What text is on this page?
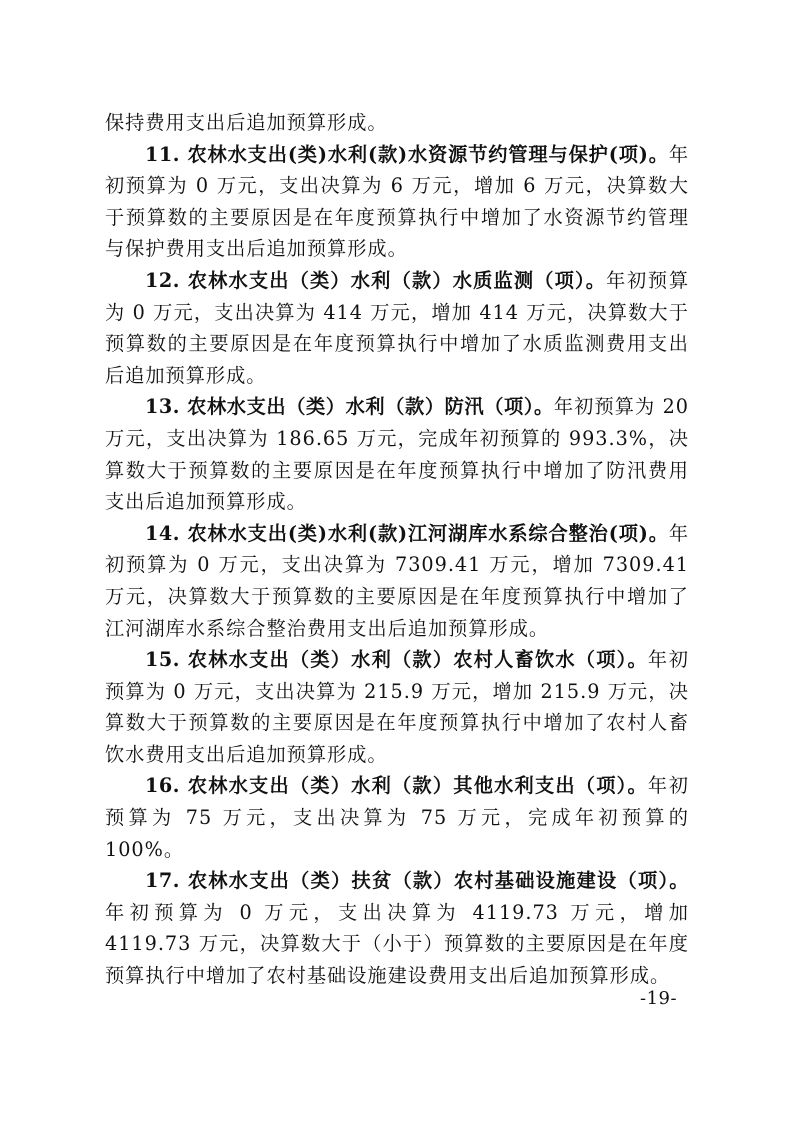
保持费用支出后追加预算形成。

11. 农林水支出(类)水利(款)水资源节约管理与保护(项)。年初预算为 0 万元，支出决算为 6 万元，增加 6 万元，决算数大于预算数的主要原因是在年度预算执行中增加了水资源节约管理与保护费用支出后追加预算形成。

12. 农林水支出（类）水利（款）水质监测（项）。年初预算为 0 万元，支出决算为 414 万元，增加 414 万元，决算数大于预算数的主要原因是在年度预算执行中增加了水质监测费用支出后追加预算形成。

13. 农林水支出（类）水利（款）防汛（项）。年初预算为 20 万元，支出决算为 186.65 万元，完成年初预算的 993.3%，决算数大于预算数的主要原因是在年度预算执行中增加了防汛费用支出后追加预算形成。

14. 农林水支出(类)水利(款)江河湖库水系综合整治(项)。年初预算为 0 万元，支出决算为 7309.41 万元，增加 7309.41 万元，决算数大于预算数的主要原因是在年度预算执行中增加了江河湖库水系综合整治费用支出后追加预算形成。

15. 农林水支出（类）水利（款）农村人畜饮水（项）。年初预算为 0 万元，支出决算为 215.9 万元，增加 215.9 万元，决算数大于预算数的主要原因是在年度预算执行中增加了农村人畜饮水费用支出后追加预算形成。

16. 农林水支出（类）水利（款）其他水利支出（项）。年初预算为 75 万元，支出决算为 75 万元，完成年初预算的 100%。

17. 农林水支出（类）扶贫（款）农村基础设施建设（项）。年初预算为 0 万元，支出决算为 4119.73 万元，增加 4119.73 万元，决算数大于（小于）预算数的主要原因是在年度预算执行中增加了农村基础设施建设费用支出后追加预算形成。

-19-
